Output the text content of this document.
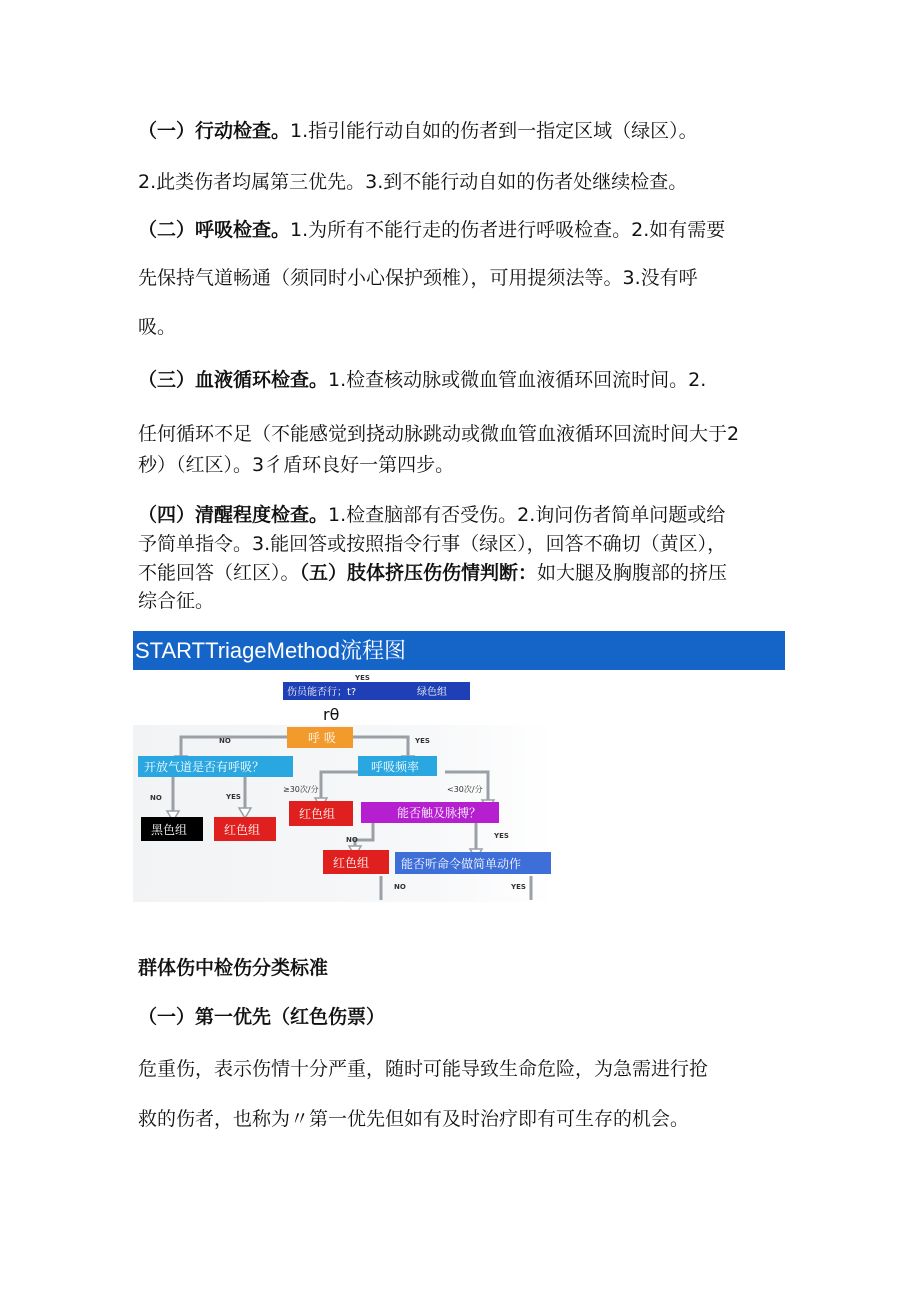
（一）行动检查。1.指引能行动自如的伤者到一指定区域（绿区）。
2.此类伤者均属第三优先。3.到不能行动自如的伤者处继续检查。
（二）呼吸检查。1.为所有不能行走的伤者进行呼吸检查。2.如有需要
先保持气道畅通（须同时小心保护颈椎），可用提须法等。3.没有呼
吸。
（三）血液循环检查。1.检查核动脉或微血管血液循环回流时间。2.
任何循环不足（不能感觉到挠动脉跳动或微血管血液循环回流时间大于2
秒）（红区）。3彳盾环良好一第四步。
（四）清醒程度检查。1.检查脑部有否受伤。2.询问伤者简单问题或给
予简单指令。3.能回答或按照指令行事（绿区），回答不确切（黄区），
不能回答（红区）。（五）肢体挤压伤伤情判断：如大腿及胸腹部的挤压
综合征。
STARTTriageMethod流程图
YES
伤员能否行；t?	绿色组
rθ
呼 吸
NO	YES
开放气道是否有呼吸？	呼吸频率
NO	YES
≥30次/分	<30次/分
黑色组	红色组
红色组	能否触及脉搏？
NO	YES
红色组	能否听命令做简单动作
NO	YES
群体伤中检伤分类标准
（一）第一优先（红色伤票）
危重伤，表示伤情十分严重，随时可能导致生命危险，为急需进行抢
救的伤者，也称为〃第一优先但如有及时治疗即有可生存的机会。
